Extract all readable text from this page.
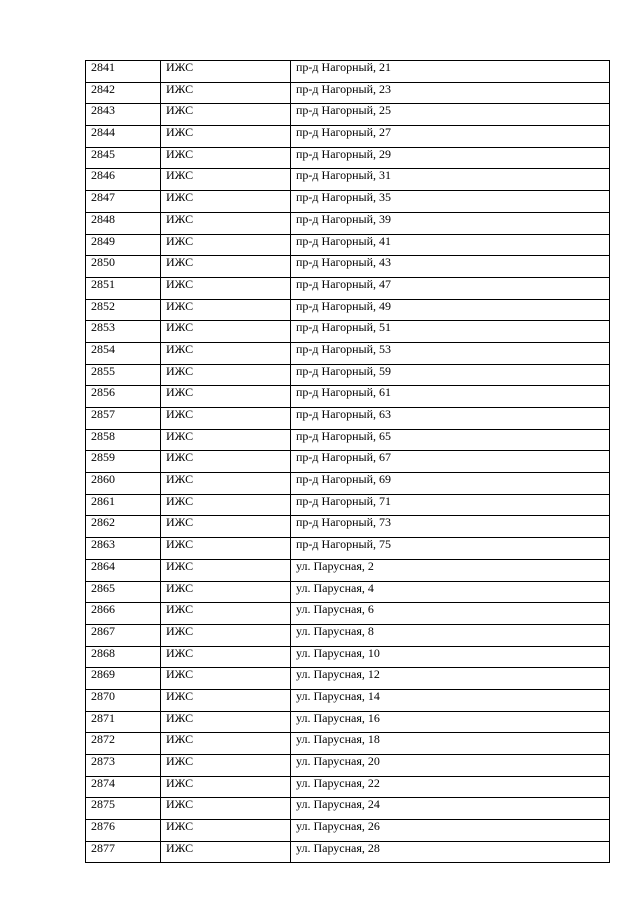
2841	ИЖС	пр-д Нагорный, 21
2842	ИЖС	пр-д Нагорный, 23
2843	ИЖС	пр-д Нагорный, 25
2844	ИЖС	пр-д Нагорный, 27
2845	ИЖС	пр-д Нагорный, 29
2846	ИЖС	пр-д Нагорный, 31
2847	ИЖС	пр-д Нагорный, 35
2848	ИЖС	пр-д Нагорный, 39
2849	ИЖС	пр-д Нагорный, 41
2850	ИЖС	пр-д Нагорный, 43
2851	ИЖС	пр-д Нагорный, 47
2852	ИЖС	пр-д Нагорный, 49
2853	ИЖС	пр-д Нагорный, 51
2854	ИЖС	пр-д Нагорный, 53
2855	ИЖС	пр-д Нагорный, 59
2856	ИЖС	пр-д Нагорный, 61
2857	ИЖС	пр-д Нагорный, 63
2858	ИЖС	пр-д Нагорный, 65
2859	ИЖС	пр-д Нагорный, 67
2860	ИЖС	пр-д Нагорный, 69
2861	ИЖС	пр-д Нагорный, 71
2862	ИЖС	пр-д Нагорный, 73
2863	ИЖС	пр-д Нагорный, 75
2864	ИЖС	ул. Парусная, 2
2865	ИЖС	ул. Парусная, 4
2866	ИЖС	ул. Парусная, 6
2867	ИЖС	ул. Парусная, 8
2868	ИЖС	ул. Парусная, 10
2869	ИЖС	ул. Парусная, 12
2870	ИЖС	ул. Парусная, 14
2871	ИЖС	ул. Парусная, 16
2872	ИЖС	ул. Парусная, 18
2873	ИЖС	ул. Парусная, 20
2874	ИЖС	ул. Парусная, 22
2875	ИЖС	ул. Парусная, 24
2876	ИЖС	ул. Парусная, 26
2877	ИЖС	ул. Парусная, 28
